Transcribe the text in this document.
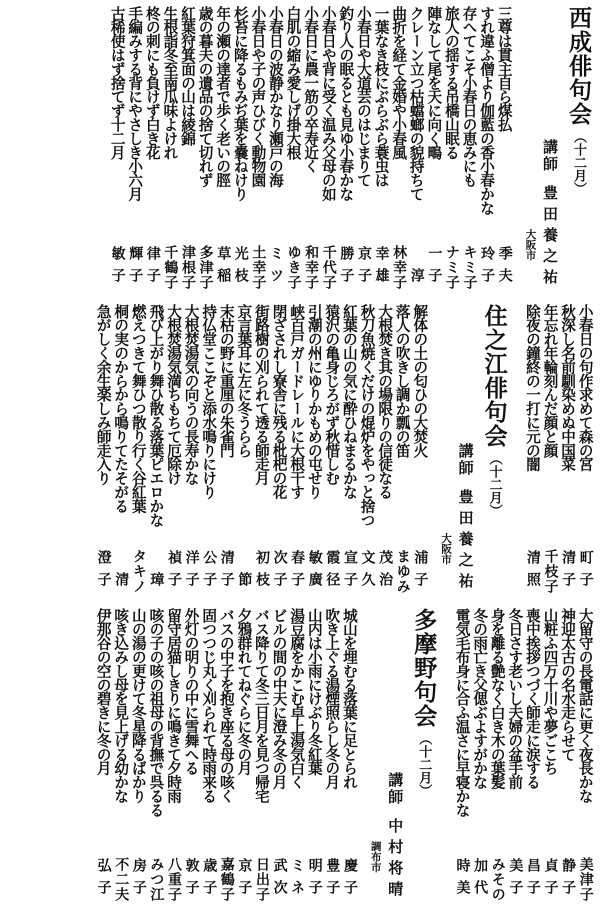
西成俳句会
（十二月）
講師
豊田養之祐
大阪市
三尊は貫主自ら煤払
季夫
すれ違ふ僧より伽藍の香小春かな
玲子
存へてこそ小春日の恵みにも
キミ子
旅人の揺する吊橋山眠る
ナミ子
陣なして尾を天に向く鴫
一子
クレーン立つ枯蟷螂の貌持ちて
淳
曲折を経て金婚や小春風
林幸子
一葉なき枝にぶらぶら蓑虫は
幸雄
小春日や大道芸のはじまりて
京子
釣り人の眠るとも見ゆ小春かな
勝子
小春日や背に受く温み父母の如
千代子
小春日に農一筋の卒寿近く
和幸子
白肌の縮み愛しげ掛大根
ゆき子
小春日の波静かなり瀬戸の海
ミツ
小春日や子の声ひびく動物園
土幸子
杉苔に降るもみぢ葉を嚢ねけり
光枝
年の瀬の達者で歩く老いの脛
草稲
歳の暮夫の遺品の捨て切れず
多津子
紅葉狩箕面の山は綾錦
津根子
生根詣冬至南瓜味よけれ
千鶴子
柊の刺にも負けず白き花
律子
手編みする背にやさしき小六月
輝子
古稀使はず捨てず十二月
敏子
小春日の句作求めて森の宮
町子
秋深し名前馴染めぬ中国菜
清子
年忘れ年輪刻んだ顔と顔
千枝子
除夜の鐘終の一打に元の闇
清照
住之江俳句会
（十二月）
講師
豊田養之祐
大阪市
解体の土の匂ひの大焚火
浦子
落人の吹きし調か瓢の笛
まゆみ
大根焚き其の場限りの信徒なる
茂治
秋刀魚焼くだけの焜炉をやっと捨つ
文久
紅葉の山の気に酔ひねまるかな
宣子
猿沢の亀身じろがず秋惜しむ
霞径
引潮の州にゆりかもめの屯せり
敏廣
峡百戸ガードレールに大根干す
春子
閉ざされし寮舎に残る枇杷の花
次子
街路樹の刈られて透る師走月
初枝
京言葉耳に左に冬うらら
節
末枯の野に重厘の朱雀門
清子
持仏堂ここぞと添水鳴りにけり
公子
大根焚湯気の向うの長寿かな
洋子
大根焚湯気満ちもちて厄除け
禎子
飛び上がり舞ひ散る落葉ピエロかな
璋
燃えつきて舞ひつ散り行く谷紅葉
タキノ
桐の実のからから鳴りてたそがる
清
急がしく余生楽しみ師走入り
澄子
大留守の長電話に更く夜長かな
美津子
神迎太古の名水走らせて
静子
山粧ふ四万十川や夢ごこち
貞子
喪中挨拶つづく師走に涙する
昌子
冬日さす老いし夫婦の盆手前
美子
身を離る艶なく白き木の葉髪
みその
冬の雨亡き父偲ぶよすがかな
加代
電気毛布身に合ふ温さに早寝かな
時美
多摩野句会
（十二月）
講師
中村将晴
調布市
城山を埋むる落葉に足とられ
慶子
吹き上ぐる湯煙照らし冬の月
豊子
山内は小雨にけぶり冬紅葉
明子
湯豆腐をかこむ卓上湯気白く
ミネ
ビルの間の中天に澄み冬の月
武次
バス降りて冬三日月を見つ帰宅
日出子
夕鴉群れてねぐらに冬の月
京子
バスの中子を抱き座る母の咳く
嘉鶴子
固つつじ丸く刈られて時雨来る
歳子
外灯の明りの中に雪舞へる
敦子
留守居猫しきりに鳴きて夕時雨
八重子
咳の子の咳の祖母の背撫で呉るる
みつ江
山の湯の更けて冬星降るばかり
房子
咳き込みし母を見上げる幼かな
不二夫
伊那谷の空の碧きに冬の月
弘子
